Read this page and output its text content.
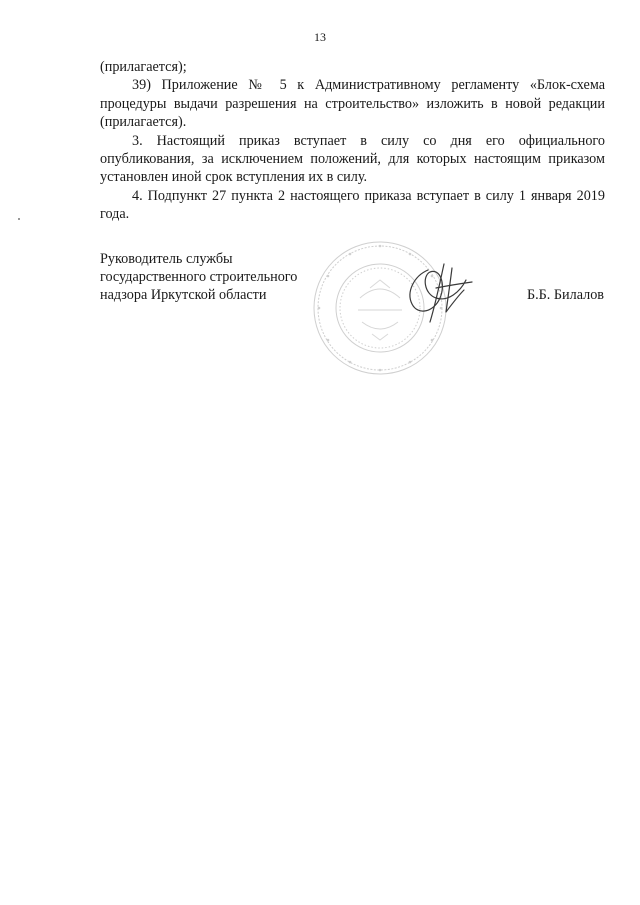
13

(прилагается);

39) Приложение № 5 к Административному регламенту «Блок-схема процедуры выдачи разрешения на строительство» изложить в новой редакции (прилагается).

3. Настоящий приказ вступает в силу со дня его официального опубликования, за исключением положений, для которых настоящим приказом установлен иной срок вступления их в силу.

4. Подпункт 27 пункта 2 настоящего приказа вступает в силу 1 января 2019 года.

Руководитель службы
государственного строительного
надзора Иркутской области	Б.Б. Билалов
